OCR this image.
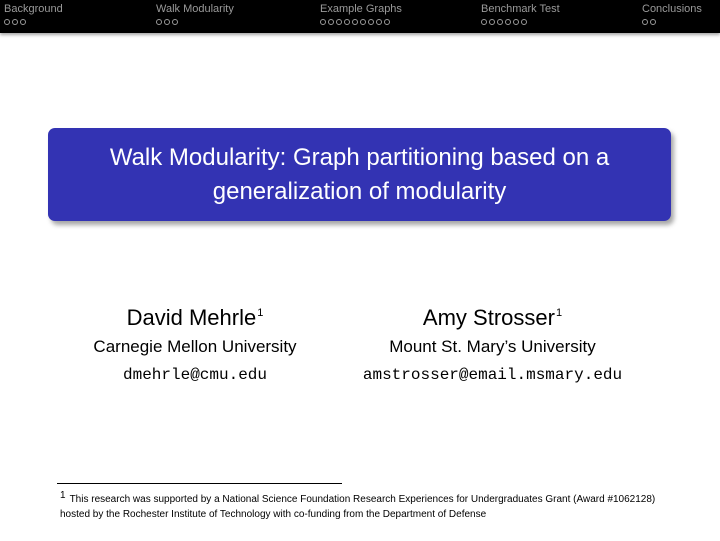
Background	Walk Modularity	Example Graphs	Benchmark Test	Conclusions
Walk Modularity: Graph partitioning based on a generalization of modularity
David Mehrle$^1$
Carnegie Mellon University
dmehrle@cmu.edu
Amy Strosser$^1$
Mount St. Mary’s University
amstrosser@email.msmary.edu
1 This research was supported by a National Science Foundation Research Experiences for Undergraduates Grant (Award #1062128) hosted by the Rochester Institute of Technology with co-funding from the Department of Defense
